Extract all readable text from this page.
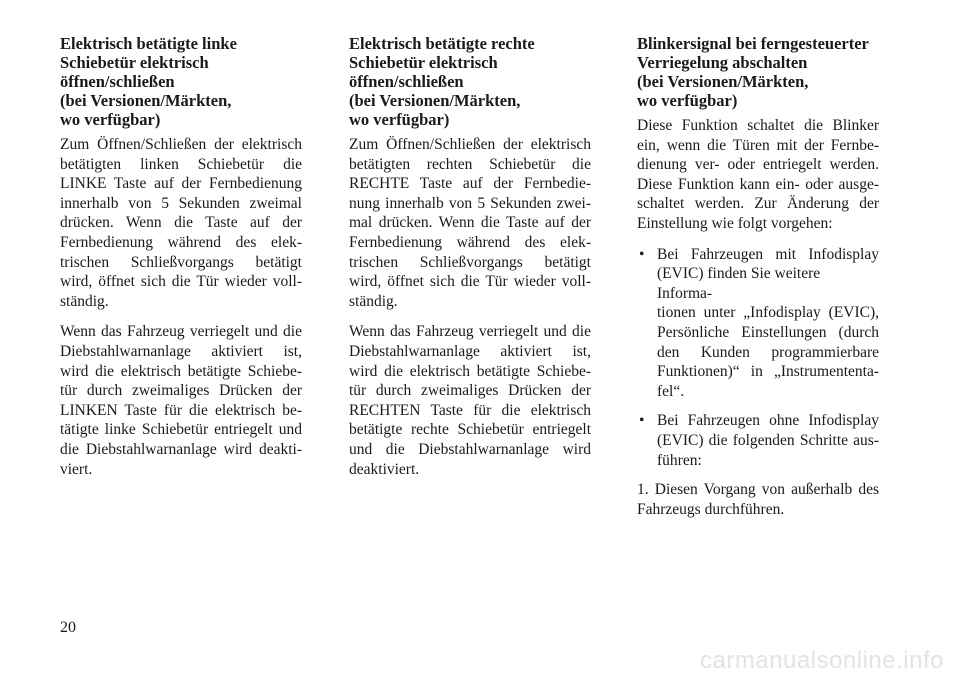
Elektrisch betätigte linke
Schiebetür elektrisch
öffnen/schließen
(bei Versionen/Märkten,
wo verfügbar)
Zum Öffnen/Schließen der elektrisch
betätigten linken Schiebetür die
LINKE Taste auf der Fernbedienung
innerhalb von 5 Sekunden zweimal
drücken. Wenn die Taste auf der
Fernbedienung während des elek-
trischen Schließvorgangs betätigt
wird, öffnet sich die Tür wieder voll-
ständig.
Wenn das Fahrzeug verriegelt und die
Diebstahlwarnanlage aktiviert ist,
wird die elektrisch betätigte Schiebe-
tür durch zweimaliges Drücken der
LINKEN Taste für die elektrisch be-
tätigte linke Schiebetür entriegelt und
die Diebstahlwarnanlage wird deakti-
viert.
Elektrisch betätigte rechte
Schiebetür elektrisch
öffnen/schließen
(bei Versionen/Märkten,
wo verfügbar)
Zum Öffnen/Schließen der elektrisch
betätigten rechten Schiebetür die
RECHTE Taste auf der Fernbedie-
nung innerhalb von 5 Sekunden zwei-
mal drücken. Wenn die Taste auf der
Fernbedienung während des elek-
trischen Schließvorgangs betätigt
wird, öffnet sich die Tür wieder voll-
ständig.
Wenn das Fahrzeug verriegelt und die
Diebstahlwarnanlage aktiviert ist,
wird die elektrisch betätigte Schiebe-
tür durch zweimaliges Drücken der
RECHTEN Taste für die elektrisch
betätigte rechte Schiebetür entriegelt
und die Diebstahlwarnanlage wird
deaktiviert.
Blinkersignal bei ferngesteuerter
Verriegelung abschalten
(bei Versionen/Märkten,
wo verfügbar)
Diese Funktion schaltet die Blinker
ein, wenn die Türen mit der Fernbe-
dienung ver- oder entriegelt werden.
Diese Funktion kann ein- oder ausge-
schaltet werden. Zur Änderung der
Einstellung wie folgt vorgehen:
• Bei Fahrzeugen mit Infodisplay
(EVIC) finden Sie weitere Informa-
tionen unter „Infodisplay (EVIC),
Persönliche Einstellungen (durch
den Kunden programmierbare
Funktionen)“ in „Instrumententa-
fel“.
• Bei Fahrzeugen ohne Infodisplay
(EVIC) die folgenden Schritte aus-
führen:
1. Diesen Vorgang von außerhalb des
Fahrzeugs durchführen.
20
carmanualsonline.info
